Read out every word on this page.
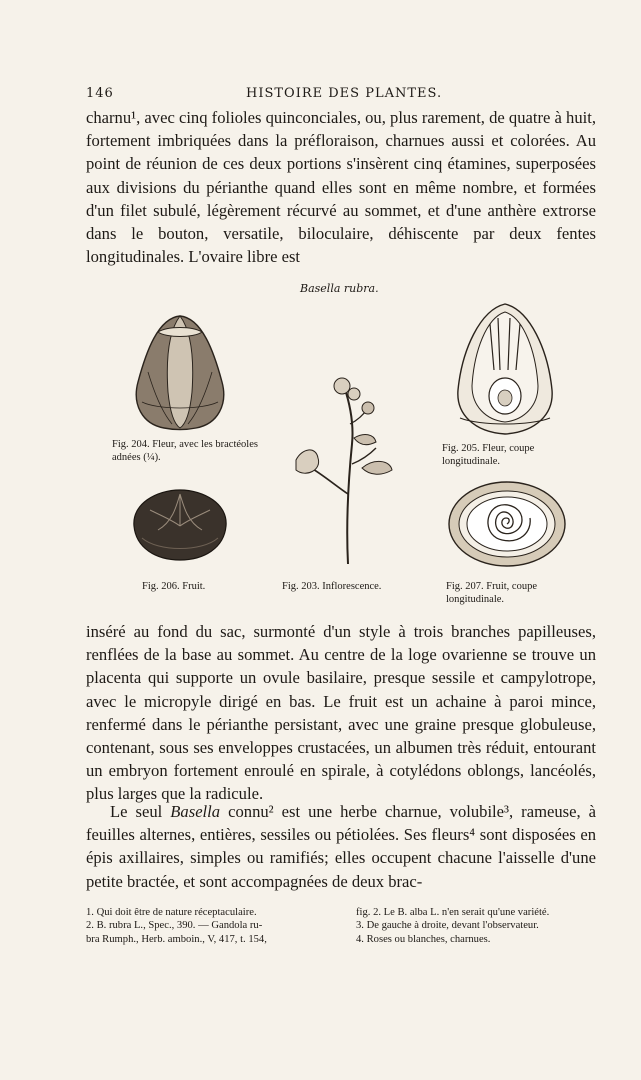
146	HISTOIRE DES PLANTES.

charnu¹, avec cinq folioles quinconciales, ou, plus rarement, de quatre à huit, fortement imbriquées dans la préfloraison, charnues aussi et colorées. Au point de réunion de ces deux portions s'insèrent cinq étamines, superposées aux divisions du périanthe quand elles sont en même nombre, et formées d'un filet subulé, légèrement récurvé au sommet, et d'une anthère extrorse dans le bouton, versatile, biloculaire, déhiscente par deux fentes longitudinales. L'ovaire libre est

Basella rubra.
Fig. 204. Fleur, avec les bractéoles adnées (¼).
Fig. 205. Fleur, coupe longitudinale.
Fig. 206. Fruit.	Fig. 203. Inflorescence.	Fig. 207. Fruit, coupe longitudinale.

inséré au fond du sac, surmonté d'un style à trois branches papilleuses, renflées de la base au sommet. Au centre de la loge ovarienne se trouve un placenta qui supporte un ovule basilaire, presque sessile et campylotrope, avec le micropyle dirigé en bas. Le fruit est un achaine à paroi mince, renfermé dans le périanthe persistant, avec une graine presque globuleuse, contenant, sous ses enveloppes crustacées, un albumen très réduit, entourant un embryon fortement enroulé en spirale, à cotylédons oblongs, lancéolés, plus larges que la radicule.

Le seul Basella connu² est une herbe charnue, volubile³, rameuse, à feuilles alternes, entières, sessiles ou pétiolées. Ses fleurs⁴ sont disposées en épis axillaires, simples ou ramifiés; elles occupent chacune l'aisselle d'une petite bractée, et sont accompagnées de deux brac-

1. Qui doit être de nature réceptaculaire.
2. B. rubra L., Spec., 390. — Gandola ru-
bra Rumph., Herb. amboin., V, 417, t. 154,
fig. 2. Le B. alba L. n'en serait qu'une variété.
3. De gauche à droite, devant l'observateur.
4. Roses ou blanches, charnues.
